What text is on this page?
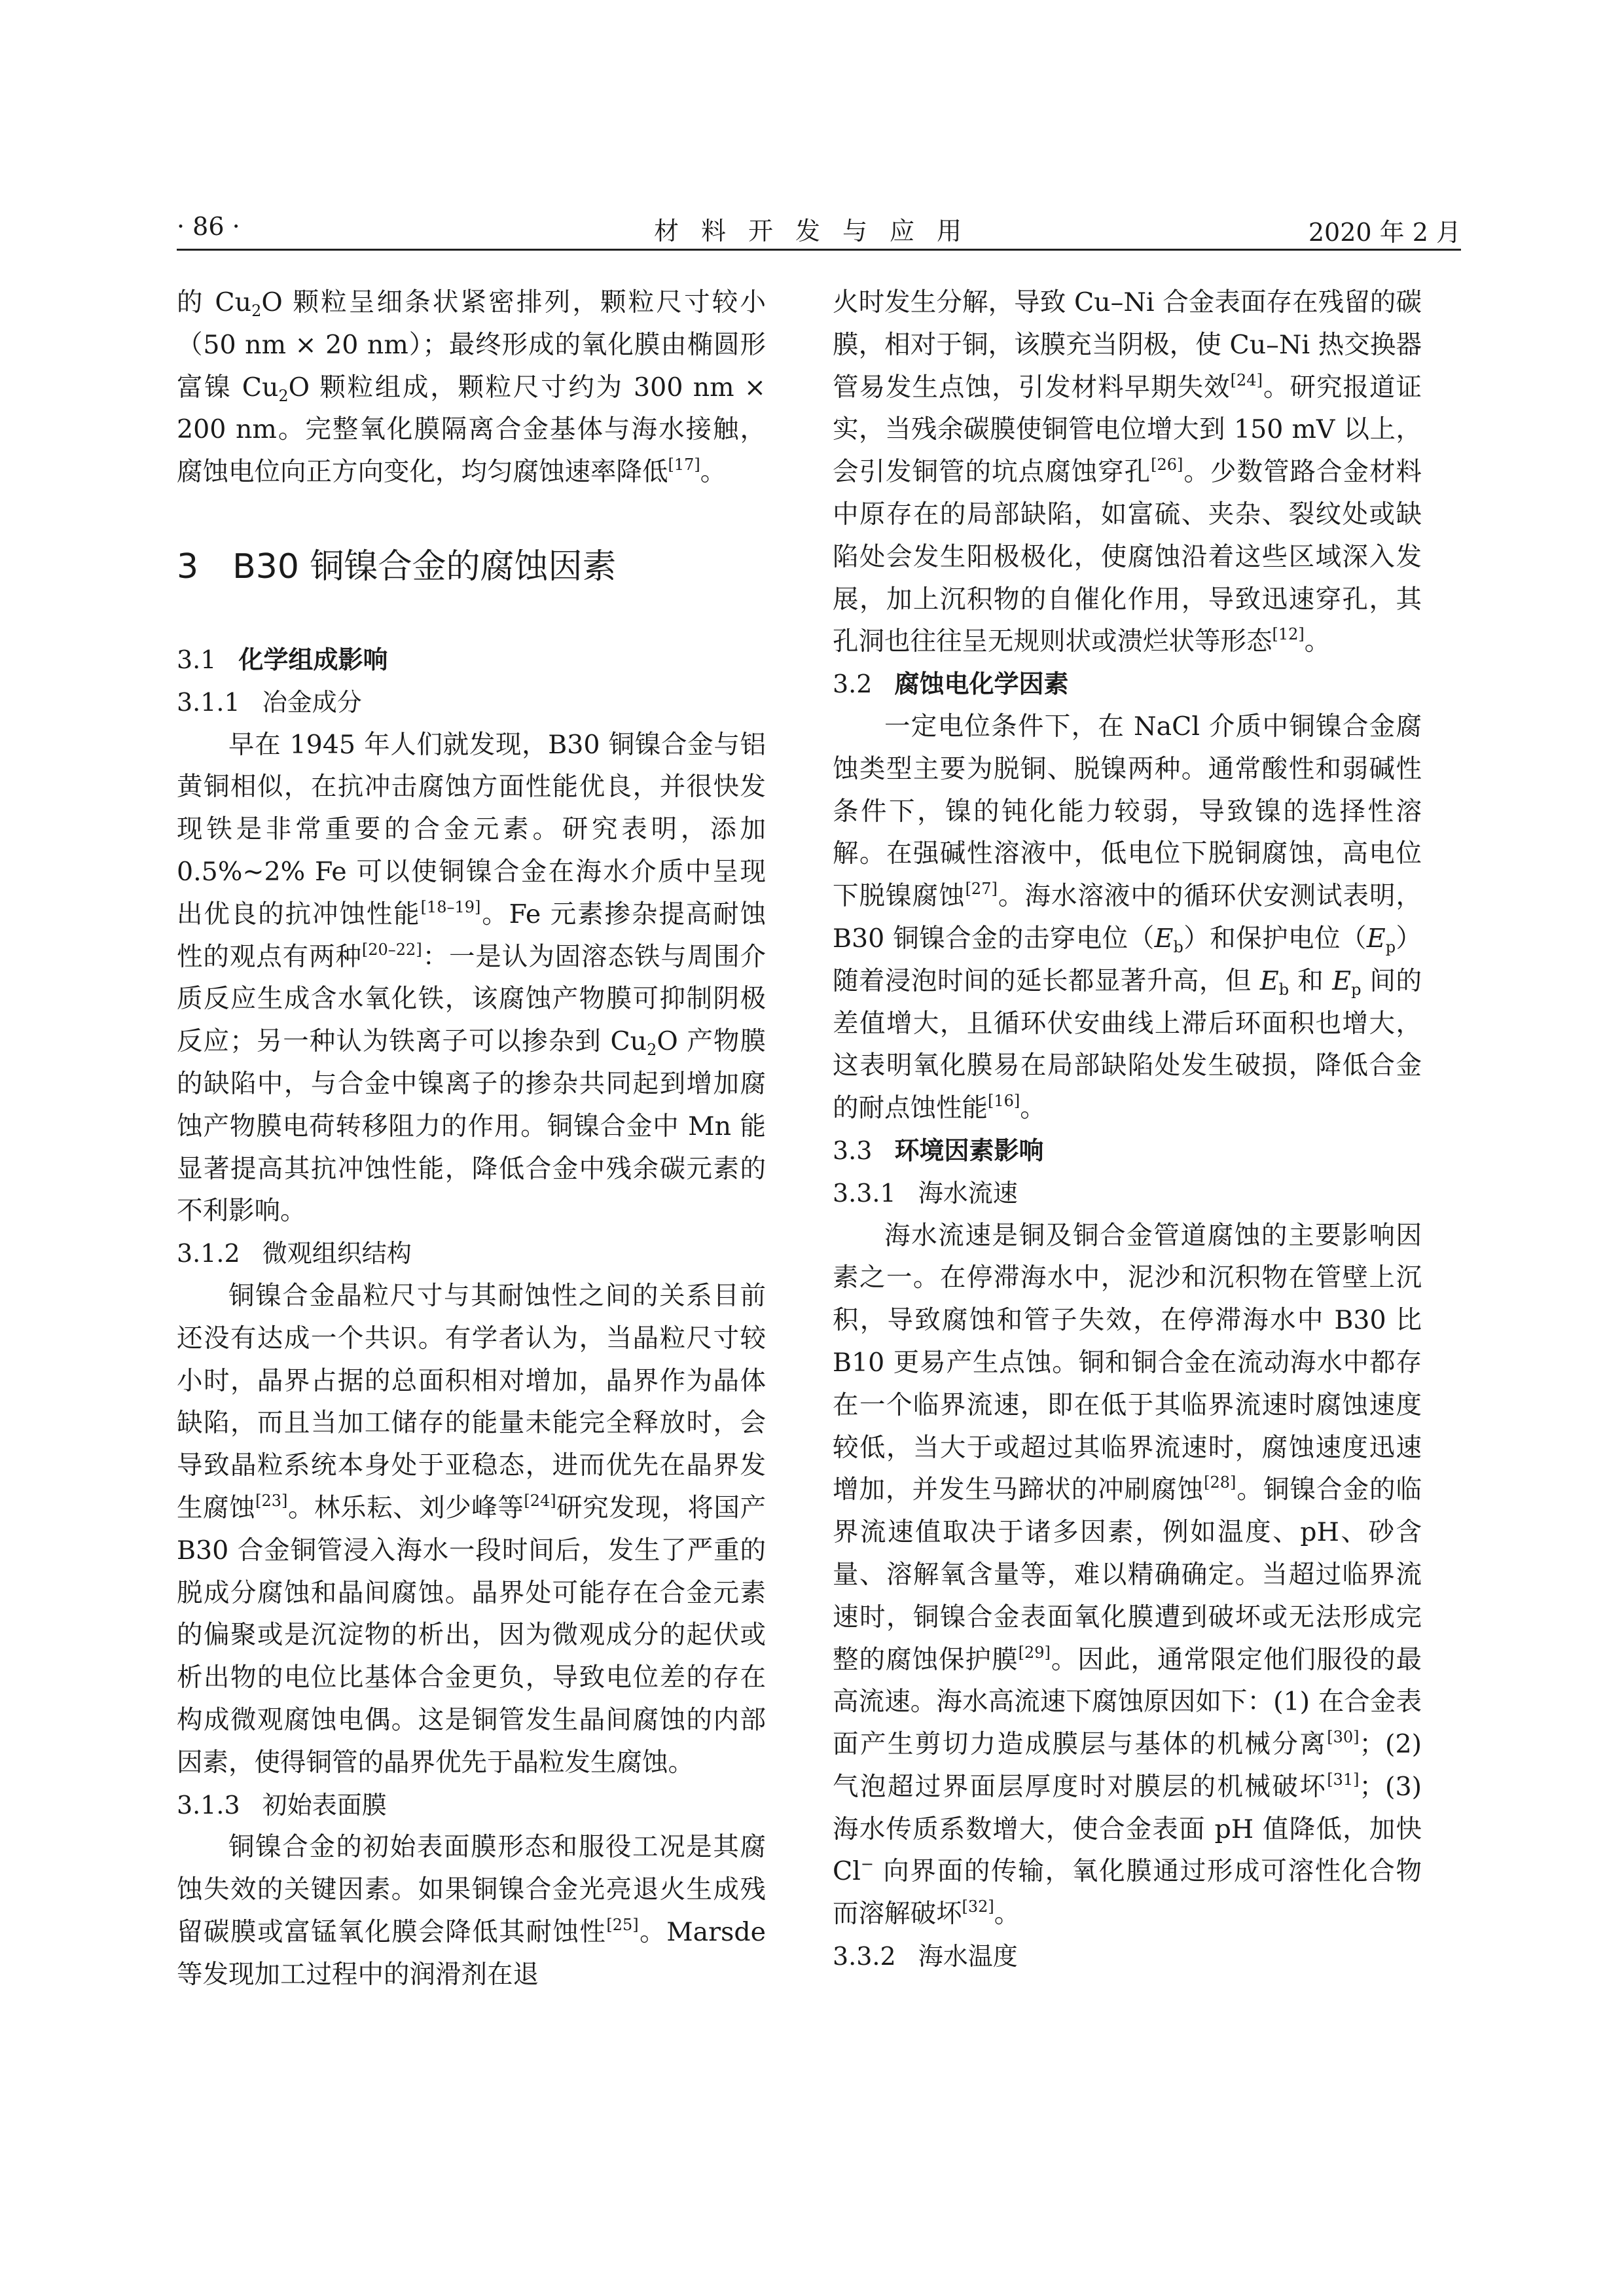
· 86 ·	材料开发与应用	2020 年 2 月

的 $Cu_2O$ 颗粒呈细条状紧密排列，颗粒尺寸较小（50 nm × 20 nm）；最终形成的氧化膜由椭圆形富镍 $Cu_2O$ 颗粒组成，颗粒尺寸约为 300 nm × 200 nm。完整氧化膜隔离合金基体与海水接触，腐蚀电位向正方向变化，均匀腐蚀速率降低[17]。

3 B30 铜镍合金的腐蚀因素
3.1 化学组成影响
3.1.1 冶金成分

早在 1945 年人们就发现，B30 铜镍合金与铝黄铜相似，在抗冲击腐蚀方面性能优良，并很快发现铁是非常重要的合金元素。研究表明，添加 0.5%~2% Fe 可以使铜镍合金在海水介质中呈现出优良的抗冲蚀性能[18–19]。Fe 元素掺杂提高耐蚀性的观点有两种[20–22]：一是认为固溶态铁与周围介质反应生成含水氧化铁，该腐蚀产物膜可抑制阴极反应；另一种认为铁离子可以掺杂到 $Cu_2O$ 产物膜的缺陷中，与合金中镍离子的掺杂共同起到增加腐蚀产物膜电荷转移阻力的作用。铜镍合金中 Mn 能显著提高其抗冲蚀性能，降低合金中残余碳元素的不利影响。

3.1.2 微观组织结构

铜镍合金晶粒尺寸与其耐蚀性之间的关系目前还没有达成一个共识。有学者认为，当晶粒尺寸较小时，晶界占据的总面积相对增加，晶界作为晶体缺陷，而且当加工储存的能量未能完全释放时，会导致晶粒系统本身处于亚稳态，进而优先在晶界发生腐蚀[23]。林乐耘、刘少峰等[24]研究发现，将国产 B30 合金铜管浸入海水一段时间后，发生了严重的脱成分腐蚀和晶间腐蚀。晶界处可能存在合金元素的偏聚或是沉淀物的析出，因为微观成分的起伏或析出物的电位比基体合金更负，导致电位差的存在构成微观腐蚀电偶。这是铜管发生晶间腐蚀的内部因素，使得铜管的晶界优先于晶粒发生腐蚀。

3.1.3 初始表面膜

铜镍合金的初始表面膜形态和服役工况是其腐蚀失效的关键因素。如果铜镍合金光亮退火生成残留碳膜或富锰氧化膜会降低其耐蚀性[25]。Marsde 等发现加工过程中的润滑剂在退

火时发生分解，导致 Cu–Ni 合金表面存在残留的碳膜，相对于铜，该膜充当阴极，使 Cu–Ni 热交换器管易发生点蚀，引发材料早期失效[24]。研究报道证实，当残余碳膜使铜管电位增大到 150 mV 以上，会引发铜管的坑点腐蚀穿孔[26]。少数管路合金材料中原存在的局部缺陷，如富硫、夹杂、裂纹处或缺陷处会发生阳极极化，使腐蚀沿着这些区域深入发展，加上沉积物的自催化作用，导致迅速穿孔，其孔洞也往往呈无规则状或溃烂状等形态[12]。

3.2 腐蚀电化学因素

一定电位条件下，在 NaCl 介质中铜镍合金腐蚀类型主要为脱铜、脱镍两种。通常酸性和弱碱性条件下，镍的钝化能力较弱，导致镍的选择性溶解。在强碱性溶液中，低电位下脱铜腐蚀，高电位下脱镍腐蚀[27]。海水溶液中的循环伏安测试表明，B30 铜镍合金的击穿电位$(E_b)$和保护电位$(E_p)$随着浸泡时间的延长都显著升高，但 $E_b$ 和 $E_p$ 间的差值增大，且循环伏安曲线上滞后环面积也增大，这表明氧化膜易在局部缺陷处发生破损，降低合金的耐点蚀性能[16]。

3.3 环境因素影响
3.3.1 海水流速

海水流速是铜及铜合金管道腐蚀的主要影响因素之一。在停滞海水中，泥沙和沉积物在管壁上沉积，导致腐蚀和管子失效，在停滞海水中 B30 比 B10 更易产生点蚀。铜和铜合金在流动海水中都存在一个临界流速，即在低于其临界流速时腐蚀速度较低，当大于或超过其临界流速时，腐蚀速度迅速增加，并发生马蹄状的冲刷腐蚀[28]。铜镍合金的临界流速值取决于诸多因素，例如温度、pH、砂含量、溶解氧含量等，难以精确确定。当超过临界流速时，铜镍合金表面氧化膜遭到破坏或无法形成完整的腐蚀保护膜[29]。因此，通常限定他们服役的最高流速。海水高流速下腐蚀原因如下：(1) 在合金表面产生剪切力造成膜层与基体的机械分离[30]；(2) 气泡超过界面层厚度时对膜层的机械破坏[31]；(3) 海水传质系数增大，使合金表面 pH 值降低，加快 Cl− 向界面的传输，氧化膜通过形成可溶性化合物而溶解破坏[32]。

3.3.2 海水温度
